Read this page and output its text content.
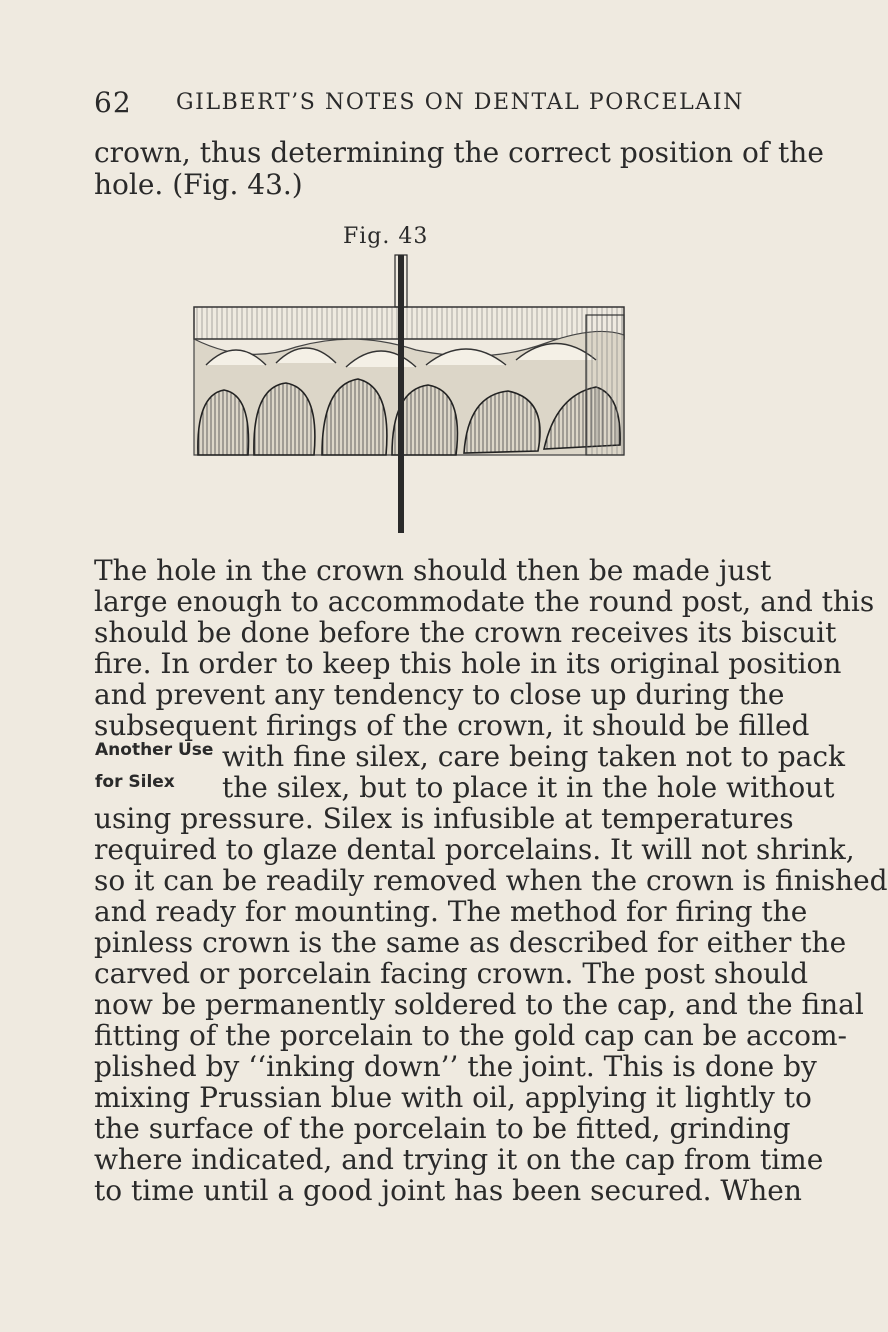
62 GILBERT’S NOTES ON DENTAL PORCELAIN
crown, thus determining the correct position of the
hole. (Fig. 43.)
Fig. 43
Another Use
for Silex
The hole in the crown should then be made just
large enough to accommodate the round post, and this
should be done before the crown receives its biscuit
fire. In order to keep this hole in its original position
and prevent any tendency to close up during the
subsequent firings of the crown, it should be filled
with fine silex, care being taken not to pack
the silex, but to place it in the hole without
using pressure. Silex is infusible at temperatures
required to glaze dental porcelains. It will not shrink,
so it can be readily removed when the crown is finished
and ready for mounting. The method for firing the
pinless crown is the same as described for either the
carved or porcelain facing crown. The post should
now be permanently soldered to the cap, and the final
fitting of the porcelain to the gold cap can be accom-
plished by ‘‘inking down’’ the joint. This is done by
mixing Prussian blue with oil, applying it lightly to
the surface of the porcelain to be fitted, grinding
where indicated, and trying it on the cap from time
to time until a good joint has been secured. When
